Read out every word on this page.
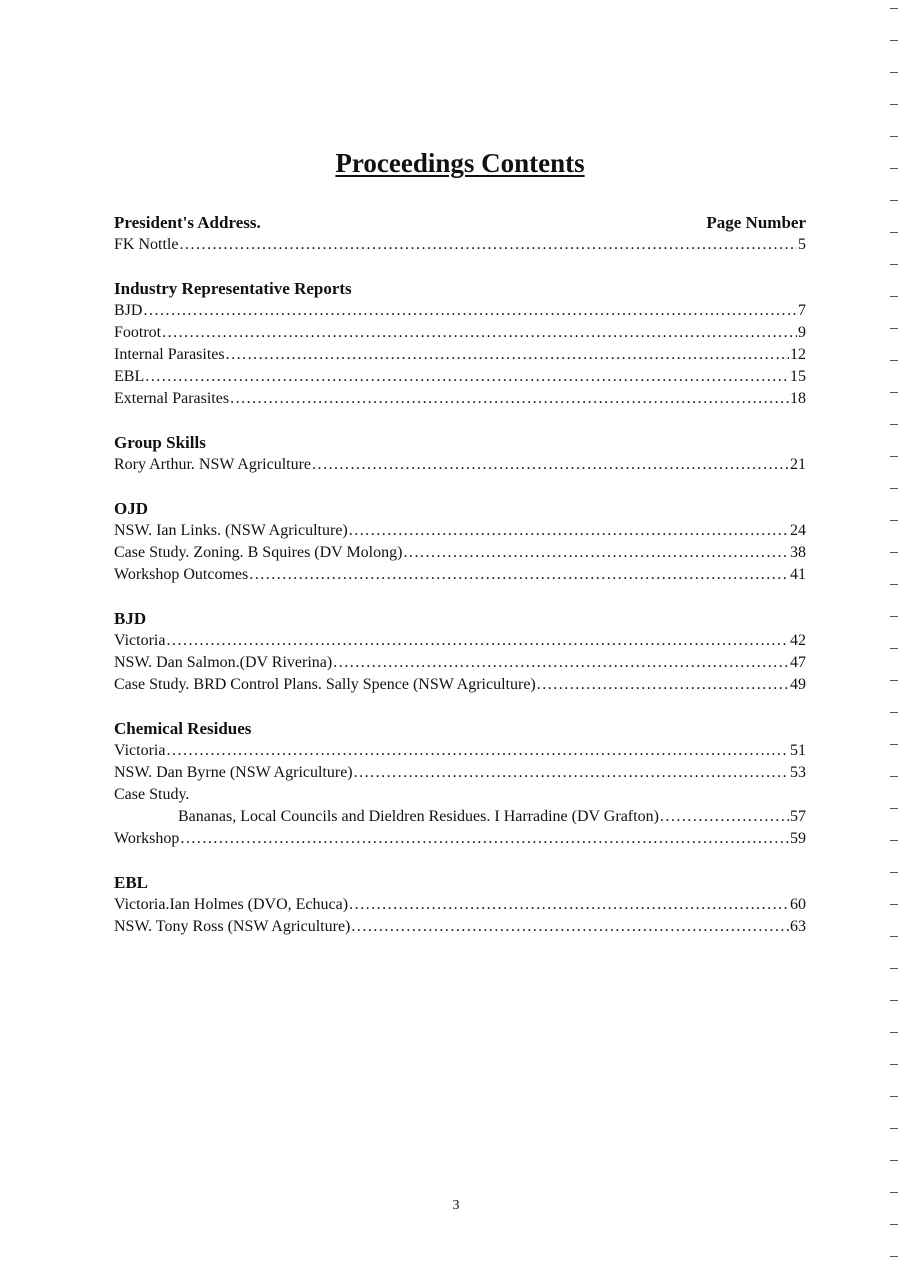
Proceedings Contents
President's Address.	Page Number
FK Nottle .....	5
Industry Representative Reports
BJD .....	7
Footrot .....	9
Internal Parasites .....	12
EBL .....	15
External Parasites .....	18
Group Skills
Rory Arthur. NSW Agriculture .....	21
OJD
NSW. Ian Links. (NSW Agriculture) .....	24
Case Study. Zoning. B Squires (DV Molong) .....	38
Workshop Outcomes .....	41
BJD
Victoria .....	42
NSW. Dan Salmon.(DV Riverina) .....	47
Case Study. BRD Control Plans. Sally Spence (NSW Agriculture) .....	49
Chemical Residues
Victoria .....	51
NSW. Dan Byrne (NSW Agriculture) .....	53
Case Study.
Bananas, Local Councils and Dieldren Residues. I Harradine (DV Grafton) .....	57
Workshop .....	59
EBL
Victoria.Ian Holmes (DVO, Echuca) .....	60
NSW. Tony Ross (NSW Agriculture) .....	63
3
